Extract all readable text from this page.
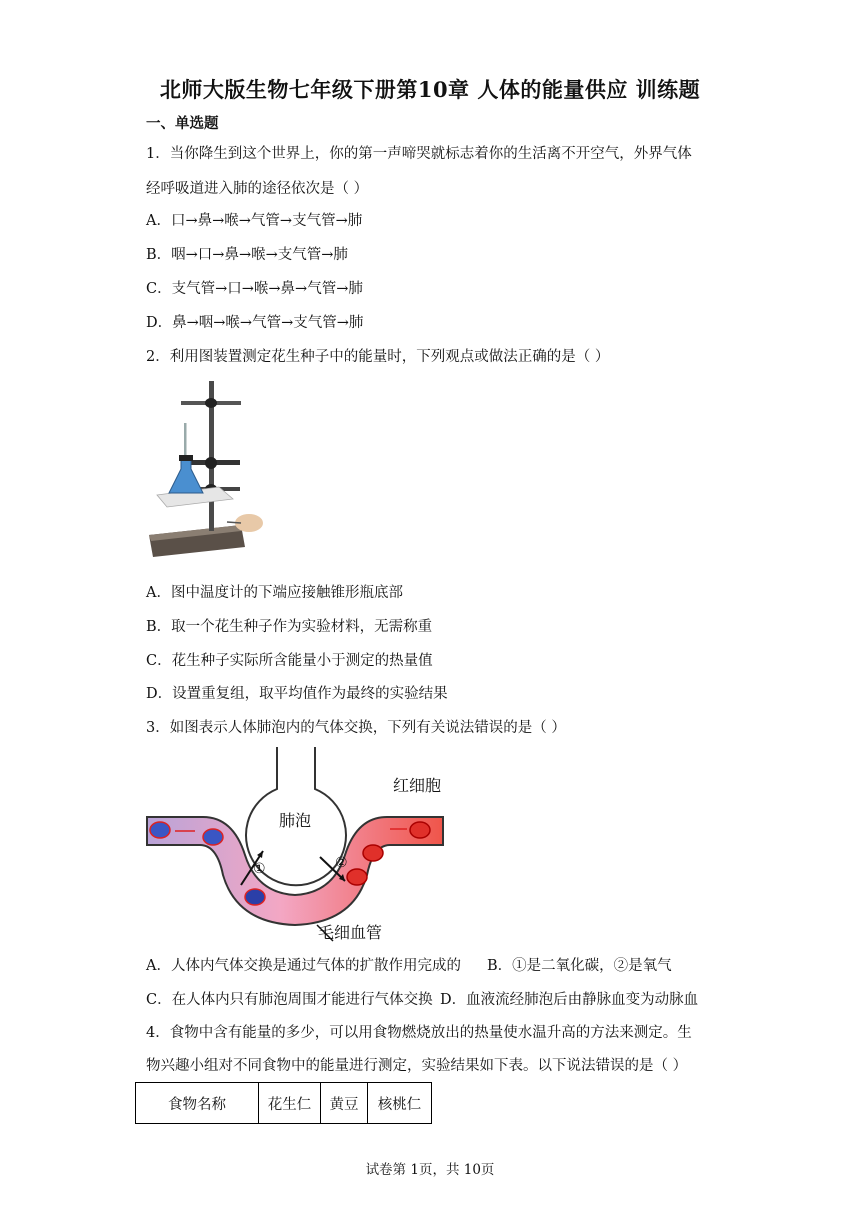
北师大版生物七年级下册第10章 人体的能量供应 训练题
一、单选题
1．当你降生到这个世界上，你的第一声啼哭就标志着你的生活离不开空气，外界气体
经呼吸道进入肺的途径依次是（ ）
A．口→鼻→喉→气管→支气管→肺
B．咽→口→鼻→喉→支气管→肺
C．支气管→口→喉→鼻→气管→肺
D．鼻→咽→喉→气管→支气管→肺
2．利用图装置测定花生种子中的能量时，下列观点或做法正确的是（ ）
A．图中温度计的下端应接触锥形瓶底部
B．取一个花生种子作为实验材料，无需称重
C．花生种子实际所含能量小于测定的热量值
D．设置重复组，取平均值作为最终的实验结果
3．如图表示人体肺泡内的气体交换，下列有关说法错误的是（ ）
肺泡
红细胞
①	②
毛细血管
A．人体内气体交换是通过气体的扩散作用完成的 B．①是二氧化碳，②是氧气
C．在人体内只有肺泡周围才能进行气体交换 D．血液流经肺泡后由静脉血变为动脉血
4．食物中含有能量的多少，可以用食物燃烧放出的热量使水温升高的方法来测定。生
物兴趣小组对不同食物中的能量进行测定，实验结果如下表。以下说法错误的是（ ）
食物名称	花生仁	黄豆	核桃仁
试卷第 1页，共 10页
